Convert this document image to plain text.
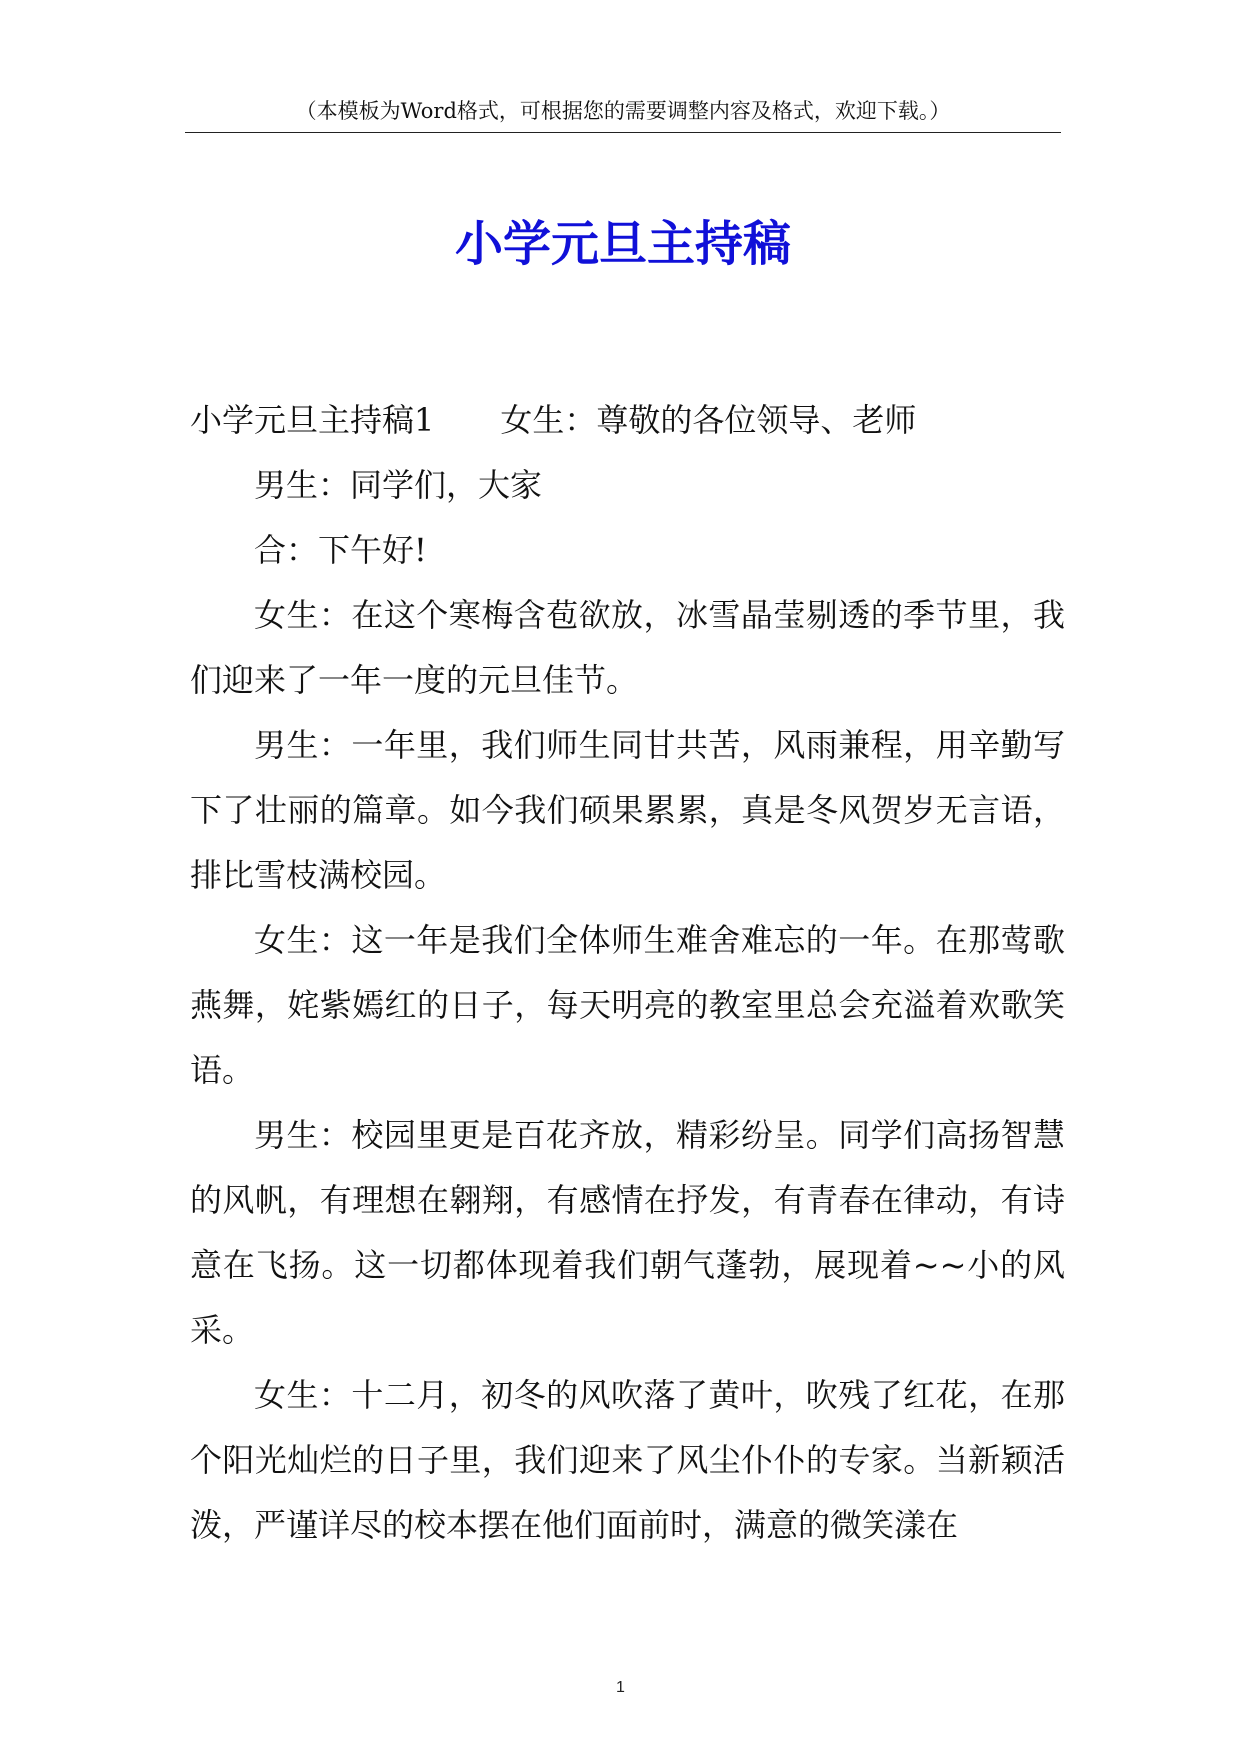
（本模板为Word格式，可根据您的需要调整内容及格式，欢迎下载。）
小学元旦主持稿

小学元旦主持稿1 女生：尊敬的各位领导、老师

男生：同学们，大家

合：下午好!

女生：在这个寒梅含苞欲放，冰雪晶莹剔透的季节里，我们迎来了一年一度的元旦佳节。

男生：一年里，我们师生同甘共苦，风雨兼程，用辛勤写下了壮丽的篇章。如今我们硕果累累，真是冬风贺岁无言语，排比雪枝满校园。

女生：这一年是我们全体师生难舍难忘的一年。在那莺歌燕舞，姹紫嫣红的日子，每天明亮的教室里总会充溢着欢歌笑语。

男生：校园里更是百花齐放，精彩纷呈。同学们高扬智慧的风帆，有理想在翱翔，有感情在抒发，有青春在律动，有诗意在飞扬。这一切都体现着我们朝气蓬勃，展现着~~小的风采。

女生：十二月，初冬的风吹落了黄叶，吹残了红花，在那个阳光灿烂的日子里，我们迎来了风尘仆仆的专家。当新颖活泼，严谨详尽的校本摆在他们面前时，满意的微笑漾在

1
